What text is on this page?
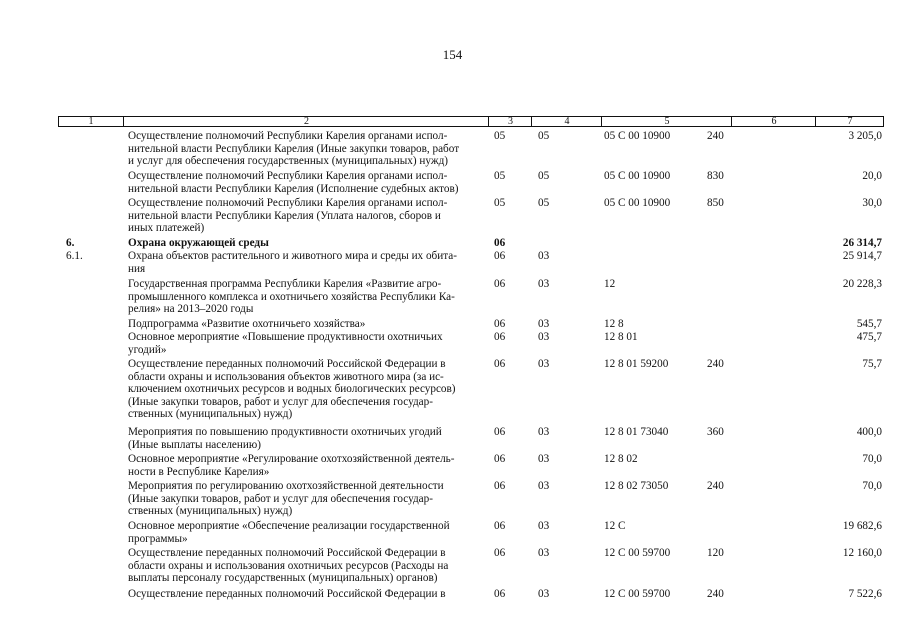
154
1	2	3	4	5	6	7
Осуществление полномочий Республики Карелия органами испол-
нительной власти Республики Карелия (Иные закупки товаров, работ
и услуг для обеспечения государственных (муниципальных) нужд)
05	05	05 С 00 10900	240	3 205,0
Осуществление полномочий Республики Карелия органами испол-
нительной власти Республики Карелия (Исполнение судебных актов)
05	05	05 С 00 10900	830	20,0
Осуществление полномочий Республики Карелия органами испол-
нительной власти Республики Карелия (Уплата налогов, сборов и
иных платежей)
05	05	05 С 00 10900	850	30,0
6.	Охрана окружающей среды	06	26 314,7
6.1.	Охрана объектов растительного и животного мира и среды их обита-
ния
06	03	25 914,7
Государственная программа Республики Карелия «Развитие агро-
промышленного комплекса и охотничьего хозяйства Республики Ка-
релия» на 2013–2020 годы
06	03	12	20 228,3
Подпрограмма «Развитие охотничьего хозяйства»	06	03	12 8	545,7
Основное мероприятие «Повышение продуктивности охотничьих
угодий»
06	03	12 8 01	475,7
Осуществление переданных полномочий Российской Федерации в
области охраны и использования объектов животного мира (за ис-
ключением охотничьих ресурсов и водных биологических ресурсов)
(Иные закупки товаров, работ и услуг для обеспечения государ-
ственных (муниципальных) нужд)
06	03	12 8 01 59200	240	75,7
Мероприятия по повышению продуктивности охотничьих угодий
(Иные выплаты населению)
06	03	12 8 01 73040	360	400,0
Основное мероприятие «Регулирование охотхозяйственной деятель-
ности в Республике Карелия»
06	03	12 8 02	70,0
Мероприятия по регулированию охотхозяйственной деятельности
(Иные закупки товаров, работ и услуг для обеспечения государ-
ственных (муниципальных) нужд)
06	03	12 8 02 73050	240	70,0
Основное мероприятие «Обеспечение реализации государственной
программы»
06	03	12 С	19 682,6
Осуществление переданных полномочий Российской Федерации в
области охраны и использования охотничьих ресурсов (Расходы на
выплаты персоналу государственных (муниципальных) органов)
06	03	12 С 00 59700	120	12 160,0
Осуществление переданных полномочий Российской Федерации в	06	03	12 С 00 59700	240	7 522,6
